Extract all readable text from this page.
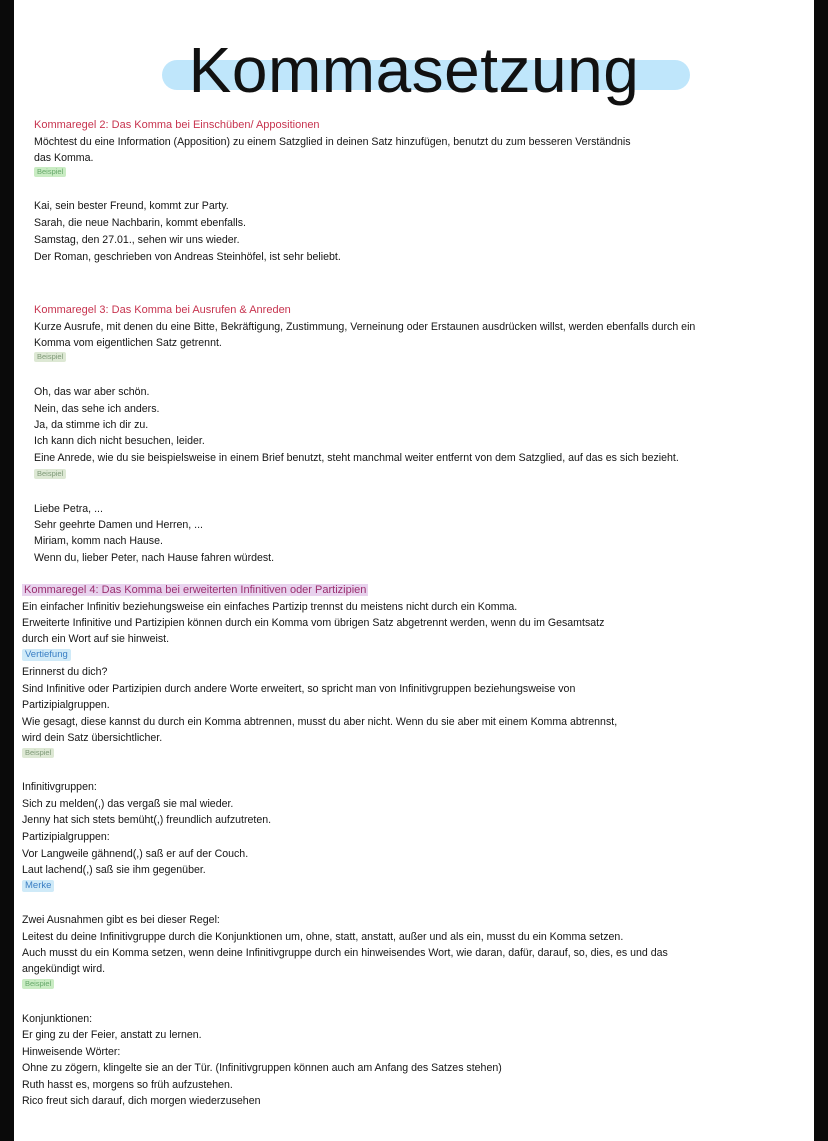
Kommasetzung
Kommaregel 2: Das Komma bei Einschüben/ Appositionen
Möchtest du eine Information (Apposition) zu einem Satzglied in deinen Satz hinzufügen, benutzt du zum besseren Verständnis
das Komma.
Beispiel
Kai, sein bester Freund, kommt zur Party.
Sarah, die neue Nachbarin, kommt ebenfalls.
Samstag, den 27.01., sehen wir uns wieder.
Der Roman, geschrieben von Andreas Steinhöfel, ist sehr beliebt.
Kommaregel 3: Das Komma bei Ausrufen & Anreden
Kurze Ausrufe, mit denen du eine Bitte, Bekräftigung, Zustimmung, Verneinung oder Erstaunen ausdrücken willst, werden ebenfalls durch ein
Komma vom eigentlichen Satz getrennt.
Beispiel
Oh, das war aber schön.
Nein, das sehe ich anders.
Ja, da stimme ich dir zu.
Ich kann dich nicht besuchen, leider.
Eine Anrede, wie du sie beispielsweise in einem Brief benutzt, steht manchmal weiter entfernt von dem Satzglied, auf das es sich bezieht.
Beispiel
Liebe Petra, ...
Sehr geehrte Damen und Herren, ...
Miriam, komm nach Hause.
Wenn du, lieber Peter, nach Hause fahren würdest.
Kommaregel 4: Das Komma bei erweiterten Infinitiven oder Partizipien
Ein einfacher Infinitiv beziehungsweise ein einfaches Partizip trennst du meistens nicht durch ein Komma.
Erweiterte Infinitive und Partizipien können durch ein Komma vom übrigen Satz abgetrennt werden, wenn du im Gesamtsatz
durch ein Wort auf sie hinweist.
Vertiefung
Erinnerst du dich?
Sind Infinitive oder Partizipien durch andere Worte erweitert, so spricht man von Infinitivgruppen beziehungsweise von
Partizipialgruppen.
Wie gesagt, diese kannst du durch ein Komma abtrennen, musst du aber nicht. Wenn du sie aber mit einem Komma abtrennst,
wird dein Satz übersichtlicher.
Beispiel
Infinitivgruppen:
Sich zu melden(,) das vergaß sie mal wieder.
Jenny hat sich stets bemüht(,) freundlich aufzutreten.
Partizipialgruppen:
Vor Langweile gähnend(,) saß er auf der Couch.
Laut lachend(,) saß sie ihm gegenüber.
Merke
Zwei Ausnahmen gibt es bei dieser Regel:
Leitest du deine Infinitivgruppe durch die Konjunktionen um, ohne, statt, anstatt, außer und als ein, musst du ein Komma setzen.
Auch musst du ein Komma setzen, wenn deine Infinitivgruppe durch ein hinweisendes Wort, wie daran, dafür, darauf, so, dies, es und das
angekündigt wird.
Beispiel
Konjunktionen:
Er ging zu der Feier, anstatt zu lernen.
Hinweisende Wörter:
Ohne zu zögern, klingelte sie an der Tür. (Infinitivgruppen können auch am Anfang des Satzes stehen)
Ruth hasst es, morgens so früh aufzustehen.
Rico freut sich darauf, dich morgen wiederzusehen
